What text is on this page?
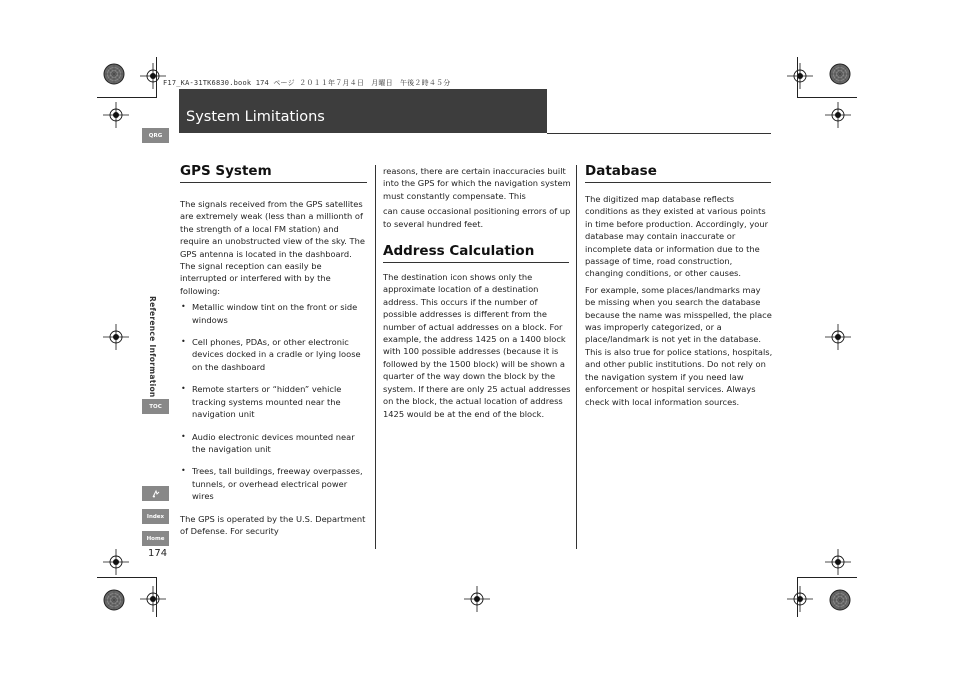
F17_KA-31TK6830.book 174 ページ ２０１１年７月４日　月曜日　午後２時４５分
System Limitations
QRG
Reference Information
TOC
Index
Home
174
GPS System

The signals received from the GPS satellites are extremely weak (less than a millionth of the strength of a local FM station) and require an unobstructed view of the sky. The GPS antenna is located in the dashboard. The signal reception can easily be interrupted or interfered with by the following:

• Metallic window tint on the front or side windows
• Cell phones, PDAs, or other electronic devices docked in a cradle or lying loose on the dashboard
• Remote starters or “hidden” vehicle tracking systems mounted near the navigation unit
• Audio electronic devices mounted near the navigation unit
• Trees, tall buildings, freeway overpasses, tunnels, or overhead electrical power wires

The GPS is operated by the U.S. Department of Defense. For security

reasons, there are certain inaccuracies built into the GPS for which the navigation system must constantly compensate. This

can cause occasional positioning errors of up to several hundred feet.

Address Calculation

The destination icon shows only the approximate location of a destination address. This occurs if the number of possible addresses is different from the number of actual addresses on a block. For example, the address 1425 on a 1400 block with 100 possible addresses (because it is followed by the 1500 block) will be shown a quarter of the way down the block by the system. If there are only 25 actual addresses on the block, the actual location of address 1425 would be at the end of the block.

Database

The digitized map database reflects conditions as they existed at various points in time before production. Accordingly, your database may contain inaccurate or incomplete data or information due to the passage of time, road construction, changing conditions, or other causes.

For example, some places/landmarks may be missing when you search the database because the name was misspelled, the place was improperly categorized, or a place/landmark is not yet in the database. This is also true for police stations, hospitals, and other public institutions. Do not rely on the navigation system if you need law enforcement or hospital services. Always check with local information sources.
